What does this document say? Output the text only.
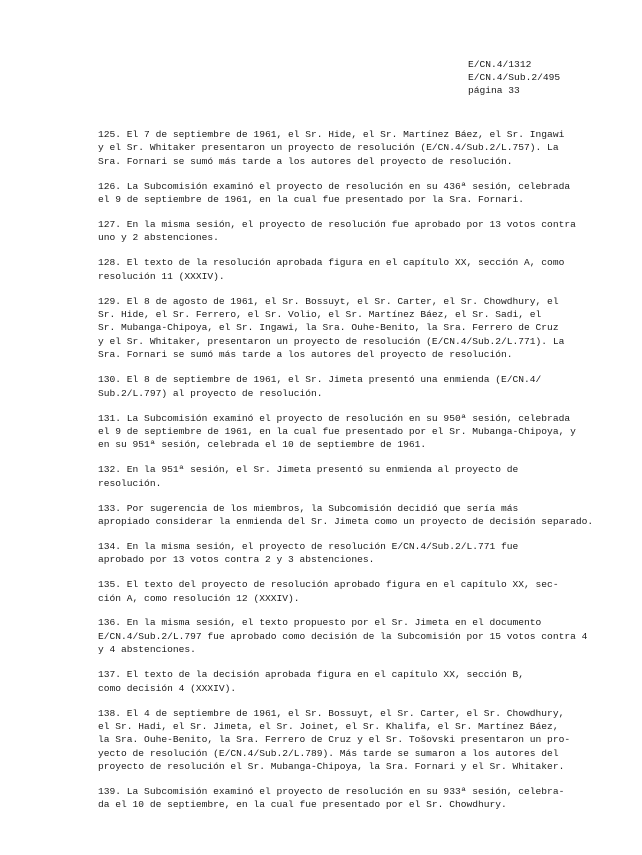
E/CN.4/1312
E/CN.4/Sub.2/495
página 33

125. El 7 de septiembre de 1961, el Sr. Hide, el Sr. Martínez Báez, el Sr. Ingawi
y el Sr. Whitaker presentaron un proyecto de resolución (E/CN.4/Sub.2/L.757). La
Sra. Fornari se sumó más tarde a los autores del proyecto de resolución.

126. La Subcomisión examinó el proyecto de resolución en su 436ª sesión, celebrada
el 9 de septiembre de 1961, en la cual fue presentado por la Sra. Fornari.

127. En la misma sesión, el proyecto de resolución fue aprobado por 13 votos contra
uno y 2 abstenciones.

128. El texto de la resolución aprobada figura en el capítulo XX, sección A, como
resolución 11 (XXXIV).

129. El 8 de agosto de 1961, el Sr. Bossuyt, el Sr. Carter, el Sr. Chowdhury, el
Sr. Hide, el Sr. Ferrero, el Sr. Volio, el Sr. Martínez Báez, el Sr. Sadi, el
Sr. Mubanga-Chipoya, el Sr. Ingawi, la Sra. Ouhe-Benito, la Sra. Ferrero de Cruz
y el Sr. Whitaker, presentaron un proyecto de resolución (E/CN.4/Sub.2/L.771). La
Sra. Fornari se sumó más tarde a los autores del proyecto de resolución.

130. El 8 de septiembre de 1961, el Sr. Jimeta presentó una enmienda (E/CN.4/
Sub.2/L.797) al proyecto de resolución.

131. La Subcomisión examinó el proyecto de resolución en su 950ª sesión, celebrada
el 9 de septiembre de 1961, en la cual fue presentado por el Sr. Mubanga-Chipoya, y
en su 951ª sesión, celebrada el 10 de septiembre de 1961.

132. En la 951ª sesión, el Sr. Jimeta presentó su enmienda al proyecto de
resolución.

133. Por sugerencia de los miembros, la Subcomisión decidió que sería más
apropiado considerar la enmienda del Sr. Jimeta como un proyecto de decisión separado.

134. En la misma sesión, el proyecto de resolución E/CN.4/Sub.2/L.771 fue
aprobado por 13 votos contra 2 y 3 abstenciones.

135. El texto del proyecto de resolución aprobado figura en el capítulo XX, sec-
ción A, como resolución 12 (XXXIV).

136. En la misma sesión, el texto propuesto por el Sr. Jimeta en el documento
E/CN.4/Sub.2/L.797 fue aprobado como decisión de la Subcomisión por 15 votos contra 4
y 4 abstenciones.

137. El texto de la decisión aprobada figura en el capítulo XX, sección B,
como decisión 4 (XXXIV).

138. El 4 de septiembre de 1961, el Sr. Bossuyt, el Sr. Carter, el Sr. Chowdhury,
el Sr. Hadi, el Sr. Jimeta, el Sr. Joinet, el Sr. Khalifa, el Sr. Martínez Báez,
la Sra. Ouhe-Benito, la Sra. Ferrero de Cruz y el Sr. Tošovski presentaron un pro-
yecto de resolución (E/CN.4/Sub.2/L.789). Más tarde se sumaron a los autores del
proyecto de resolución el Sr. Mubanga-Chipoya, la Sra. Fornari y el Sr. Whitaker.

139. La Subcomisión examinó el proyecto de resolución en su 933ª sesión, celebra-
da el 10 de septiembre, en la cual fue presentado por el Sr. Chowdhury.
